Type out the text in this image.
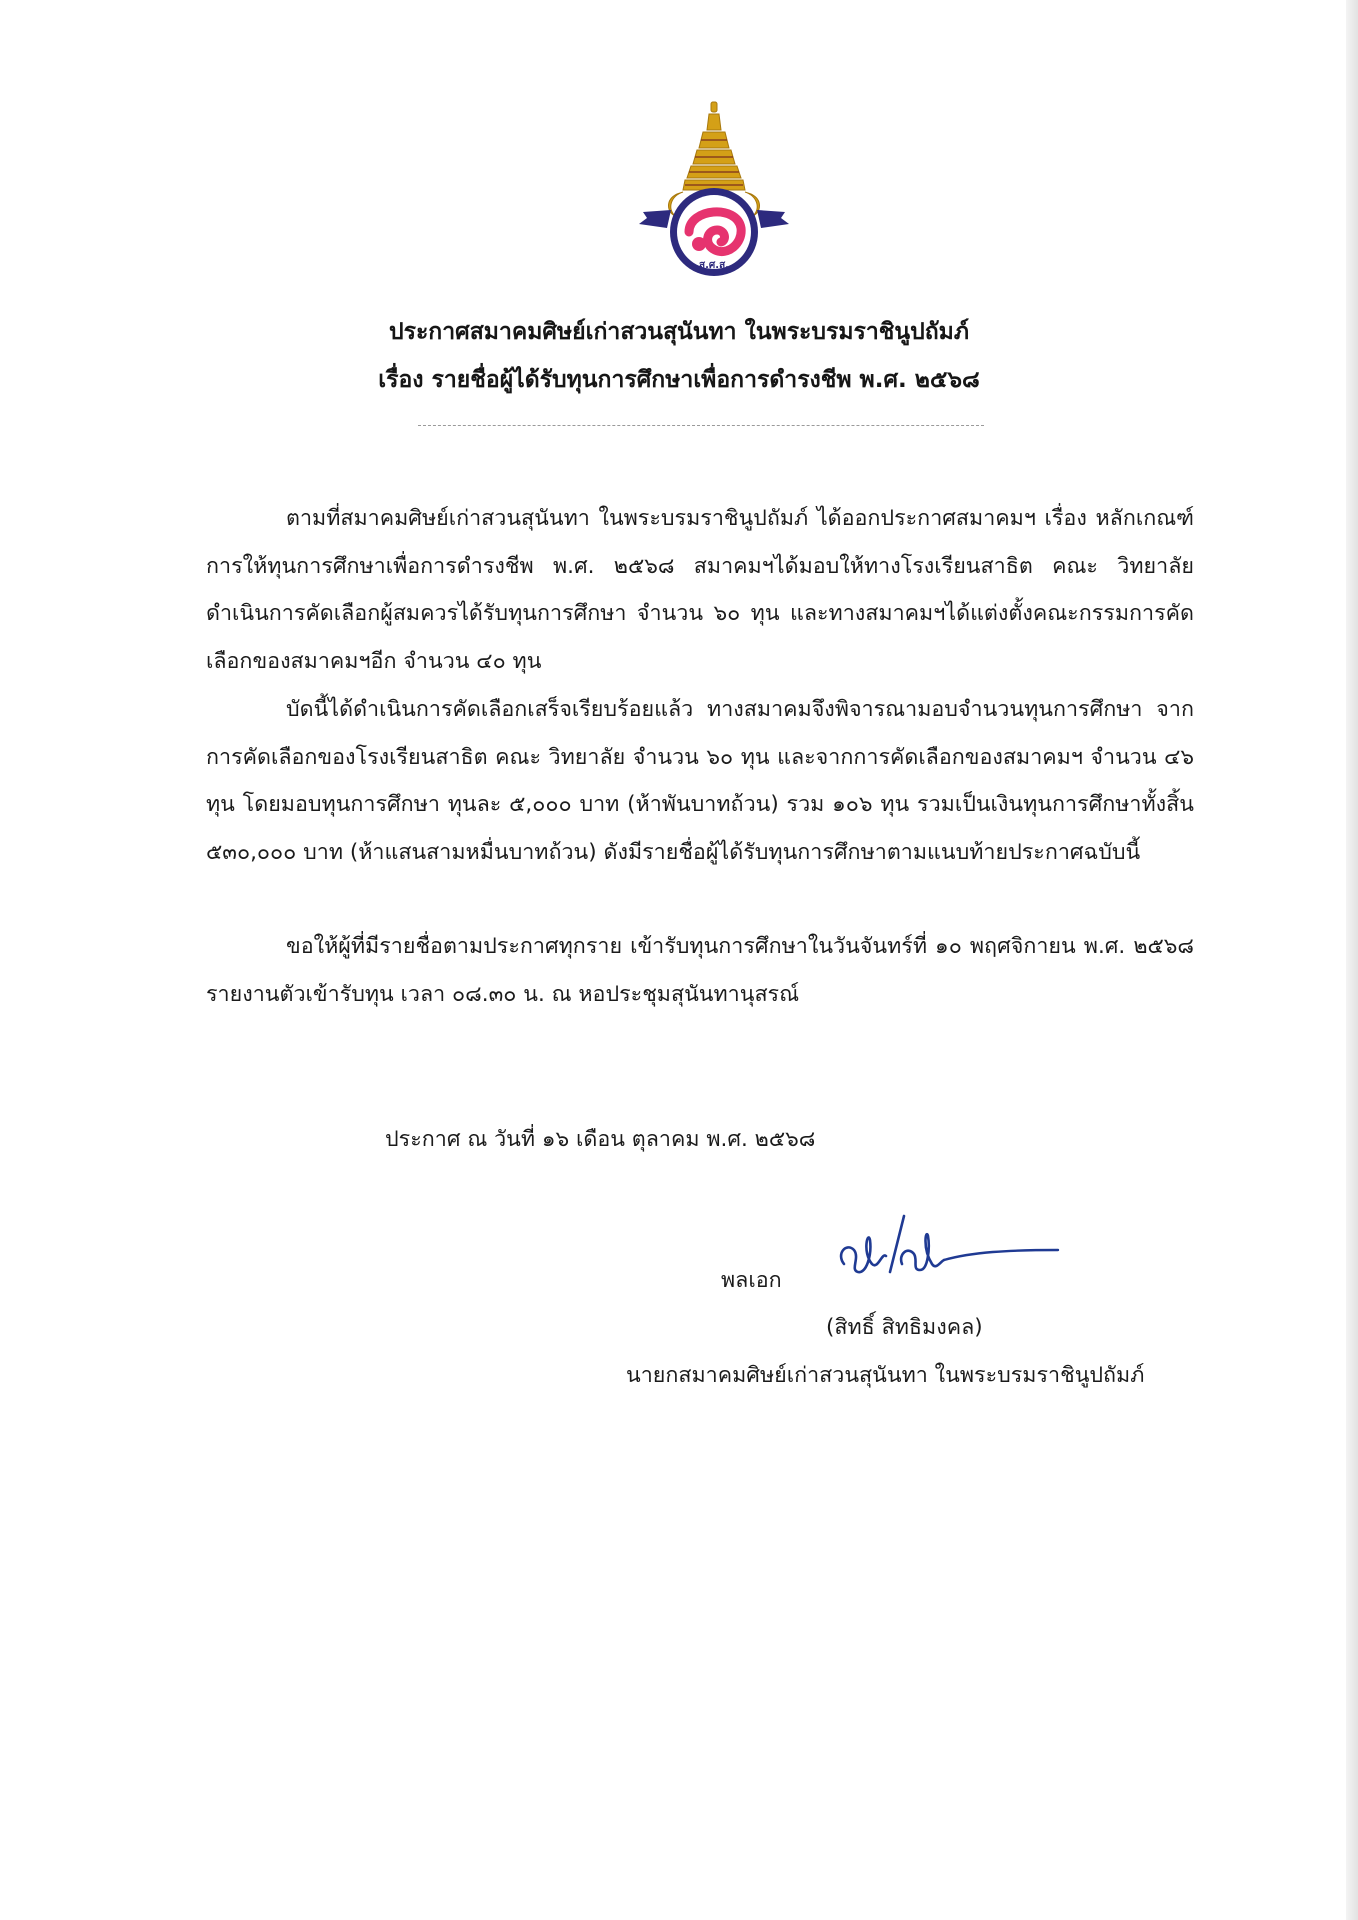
ส.ศ.ส.
ประกาศสมาคมศิษย์เก่าสวนสุนันทา ในพระบรมราชินูปถัมภ์
เรื่อง รายชื่อผู้ได้รับทุนการศึกษาเพื่อการดำรงชีพ พ.ศ. ๒๕๖๘
ตามที่สมาคมศิษย์เก่าสวนสุนันทา ในพระบรมราชินูปถัมภ์ ได้ออกประกาศสมาคมฯ เรื่อง หลักเกณฑ์ การให้ทุนการศึกษาเพื่อการดำรงชีพ พ.ศ. ๒๕๖๘ สมาคมฯได้มอบให้ทางโรงเรียนสาธิต คณะ วิทยาลัย ดำเนินการคัดเลือกผู้สมควรได้รับทุนการศึกษา จำนวน ๖๐ ทุน และทางสมาคมฯได้แต่งตั้งคณะกรรมการคัดเลือกของสมาคมฯอีก จำนวน ๔๐ ทุน
บัดนี้ได้ดำเนินการคัดเลือกเสร็จเรียบร้อยแล้ว ทางสมาคมจึงพิจารณามอบจำนวนทุนการศึกษา จากการคัดเลือกของโรงเรียนสาธิต คณะ วิทยาลัย จำนวน ๖๐ ทุน และจากการคัดเลือกของสมาคมฯ จำนวน ๔๖ ทุน โดยมอบทุนการศึกษา ทุนละ ๕,๐๐๐ บาท (ห้าพันบาทถ้วน) รวม ๑๐๖ ทุน รวมเป็นเงินทุนการศึกษาทั้งสิ้น ๕๓๐,๐๐๐ บาท (ห้าแสนสามหมื่นบาทถ้วน) ดังมีรายชื่อผู้ได้รับทุนการศึกษาตามแนบท้ายประกาศฉบับนี้
ขอให้ผู้ที่มีรายชื่อตามประกาศทุกราย เข้ารับทุนการศึกษาในวันจันทร์ที่ ๑๐ พฤศจิกายน พ.ศ. ๒๕๖๘ รายงานตัวเข้ารับทุน เวลา ๐๘.๓๐ น. ณ หอประชุมสุนันทานุสรณ์
ประกาศ ณ วันที่ ๑๖ เดือน ตุลาคม พ.ศ. ๒๕๖๘
พลเอก
(สิทธิ์ สิทธิมงคล)
นายกสมาคมศิษย์เก่าสวนสุนันทา ในพระบรมราชินูปถัมภ์
